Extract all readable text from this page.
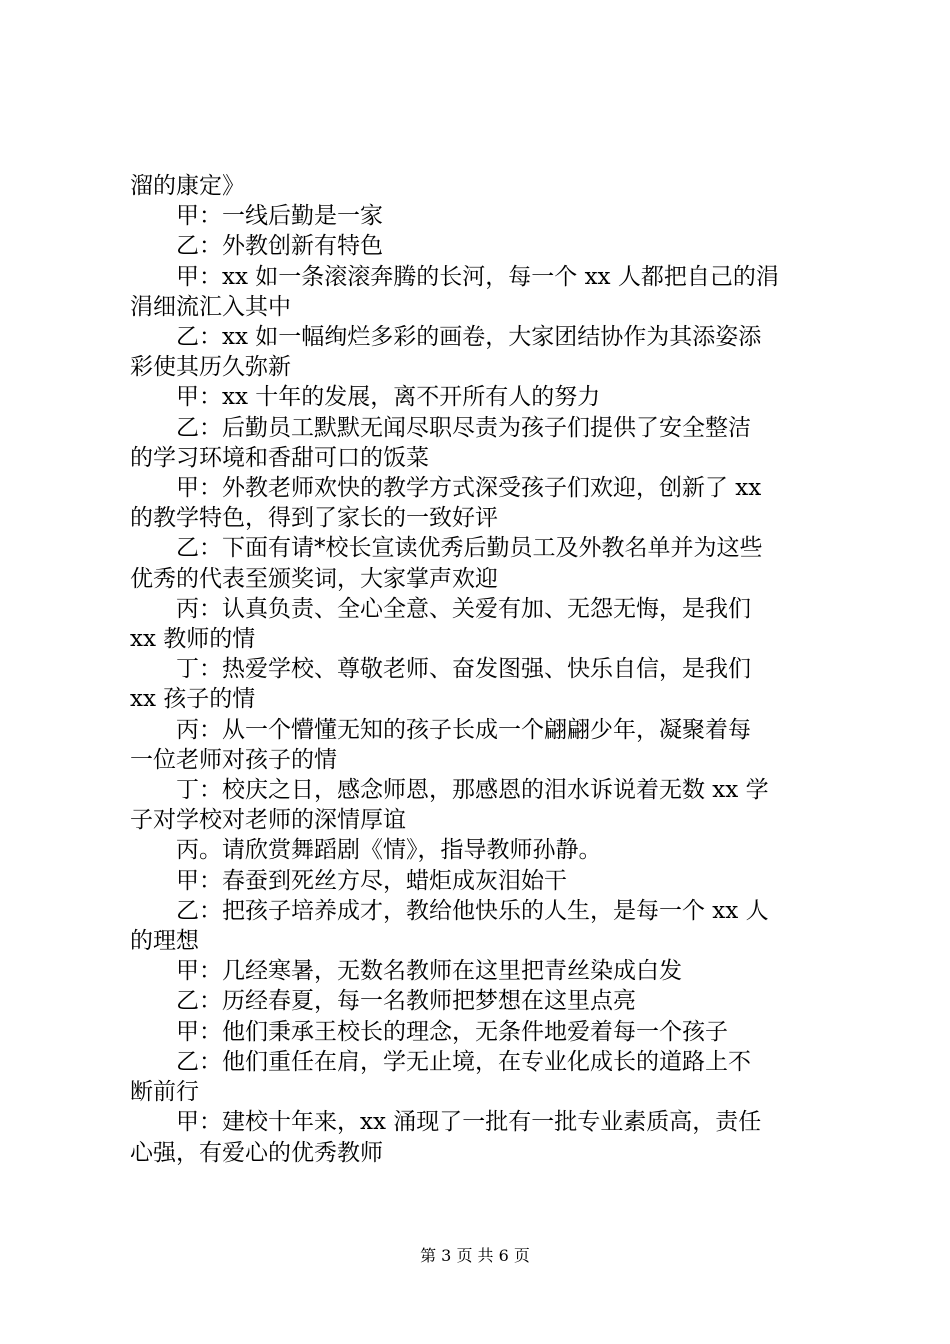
溜的康定》
甲：一线后勤是一家
乙：外教创新有特色
甲：xx 如一条滚滚奔腾的长河，每一个 xx 人都把自己的涓
涓细流汇入其中
乙：xx 如一幅绚烂多彩的画卷，大家团结协作为其添姿添
彩使其历久弥新
甲：xx 十年的发展，离不开所有人的努力
乙：后勤员工默默无闻尽职尽责为孩子们提供了安全整洁
的学习环境和香甜可口的饭菜
甲：外教老师欢快的教学方式深受孩子们欢迎，创新了 xx
的教学特色，得到了家长的一致好评
乙：下面有请*校长宣读优秀后勤员工及外教名单并为这些
优秀的代表至颁奖词，大家掌声欢迎
丙：认真负责、全心全意、关爱有加、无怨无悔，是我们
xx 教师的情
丁：热爱学校、尊敬老师、奋发图强、快乐自信，是我们
xx 孩子的情
丙：从一个懵懂无知的孩子长成一个翩翩少年，凝聚着每
一位老师对孩子的情
丁：校庆之日，感念师恩，那感恩的泪水诉说着无数 xx 学
子对学校对老师的深情厚谊
丙。请欣赏舞蹈剧《情》，指导教师孙静。
甲：春蚕到死丝方尽，蜡炬成灰泪始干
乙：把孩子培养成才，教给他快乐的人生，是每一个 xx 人
的理想
甲：几经寒暑，无数名教师在这里把青丝染成白发
乙：历经春夏，每一名教师把梦想在这里点亮
甲：他们秉承王校长的理念，无条件地爱着每一个孩子
乙：他们重任在肩，学无止境，在专业化成长的道路上不
断前行
甲：建校十年来，xx 涌现了一批有一批专业素质高，责任
心强，有爱心的优秀教师
第 3 页 共 6 页
